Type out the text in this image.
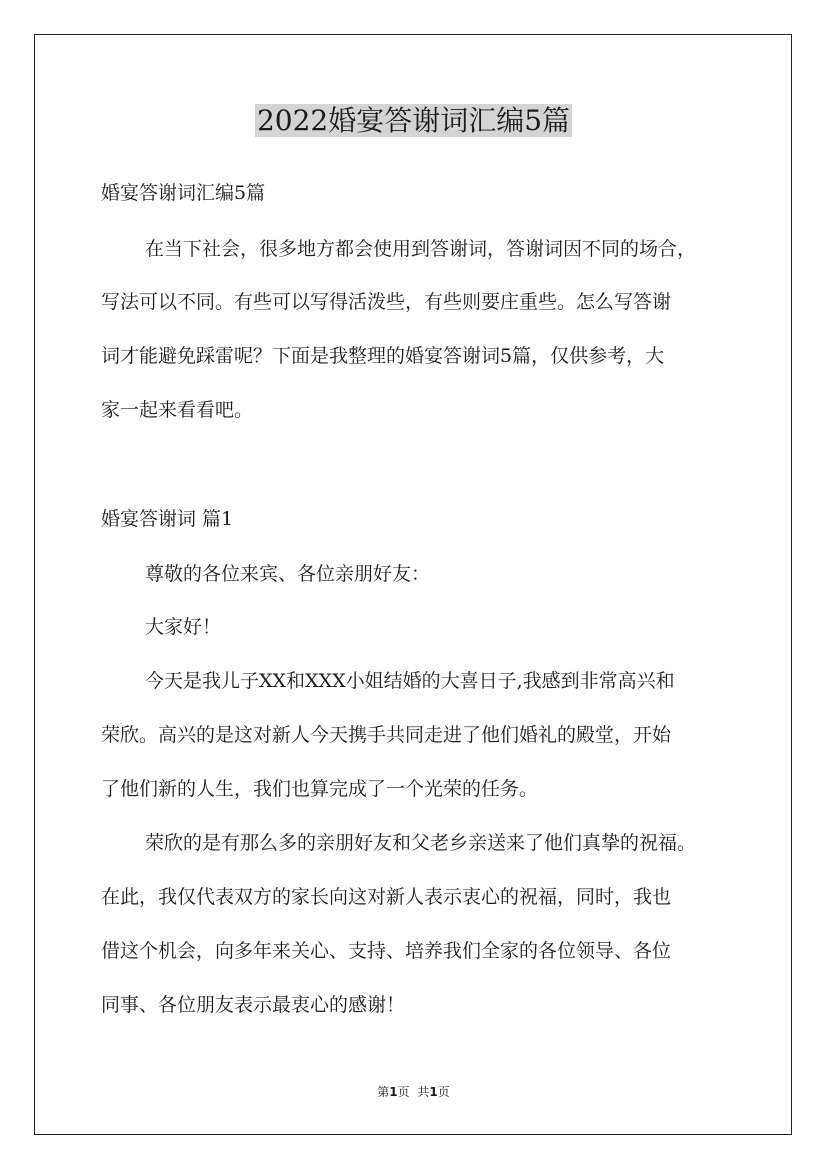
2022婚宴答谢词汇编5篇
婚宴答谢词汇编5篇
在当下社会，很多地方都会使用到答谢词，答谢词因不同的场合，
写法可以不同。有些可以写得活泼些，有些则要庄重些。怎么写答谢
词才能避免踩雷呢？下面是我整理的婚宴答谢词5篇，仅供参考，大
家一起来看看吧。
婚宴答谢词 篇1
尊敬的各位来宾、各位亲朋好友：
大家好！
今天是我儿子XX和XXX小姐结婚的大喜日子,我感到非常高兴和
荣欣。高兴的是这对新人今天携手共同走进了他们婚礼的殿堂，开始
了他们新的人生，我们也算完成了一个光荣的任务。
荣欣的是有那么多的亲朋好友和父老乡亲送来了他们真挚的祝福。
在此，我仅代表双方的家长向这对新人表示衷心的祝福，同时，我也
借这个机会，向多年来关心、支持、培养我们全家的各位领导、各位
同事、各位朋友表示最衷心的感谢！
第1页 共1页
